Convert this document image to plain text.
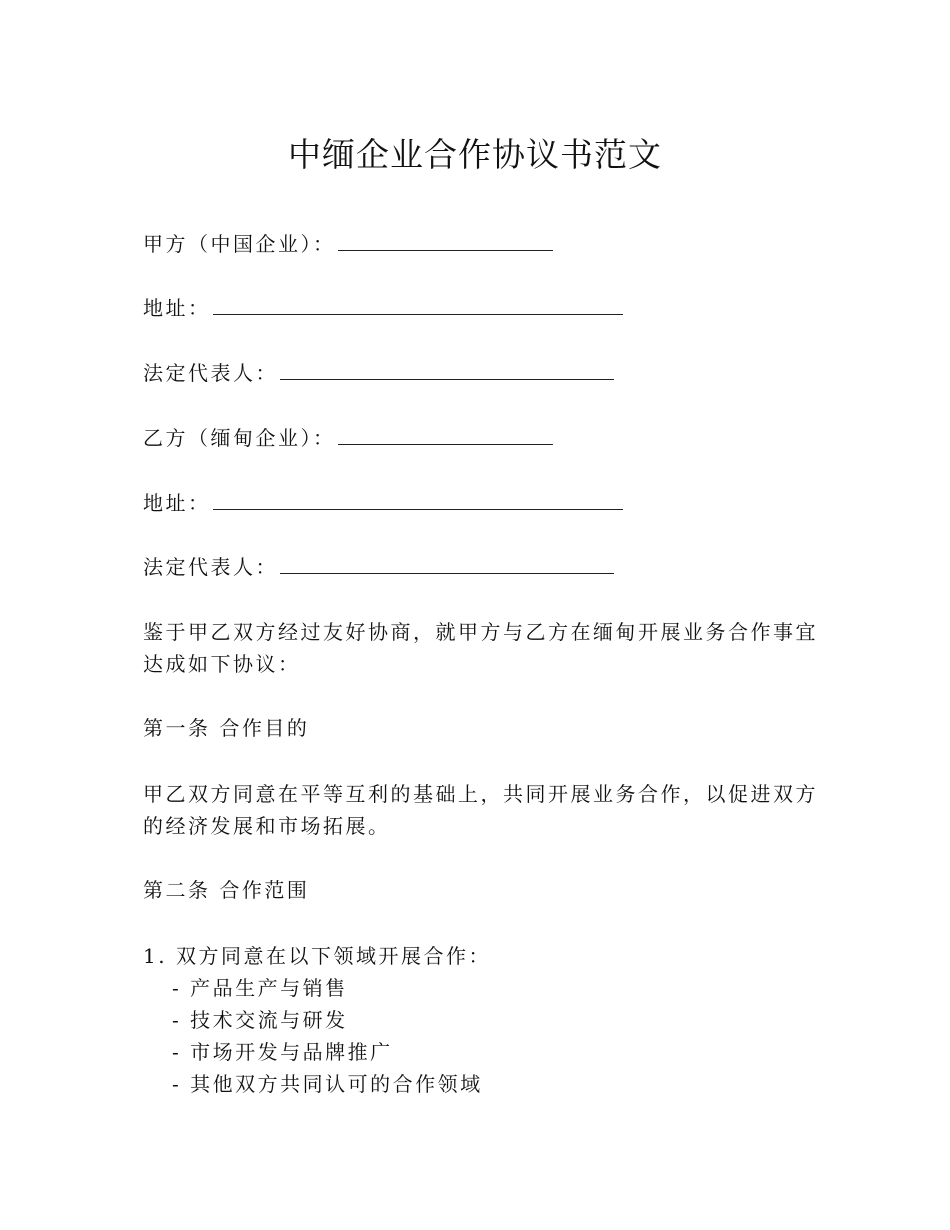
中缅企业合作协议书范文
甲方（中国企业）：
地址：
法定代表人：
乙方（缅甸企业）：
地址：
法定代表人：
鉴于甲乙双方经过友好协商，就甲方与乙方在缅甸开展业务合作事宜
达成如下协议：
第一条 合作目的
甲乙双方同意在平等互利的基础上，共同开展业务合作，以促进双方
的经济发展和市场拓展。
第二条 合作范围
1. 双方同意在以下领域开展合作：
- 产品生产与销售
- 技术交流与研发
- 市场开发与品牌推广
- 其他双方共同认可的合作领域
